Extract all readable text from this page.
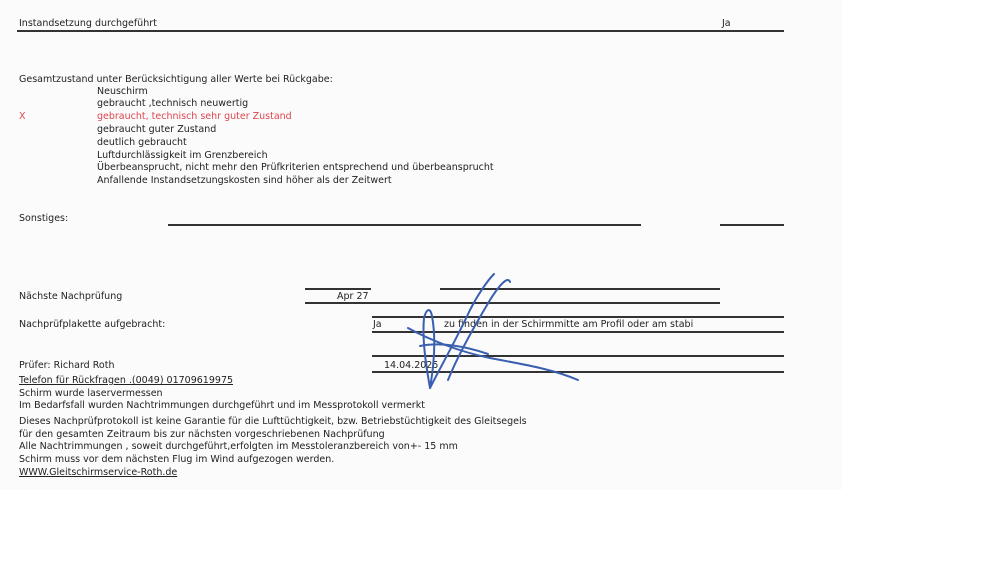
Instandsetzung durchgeführt	Ja
Gesamtzustand unter Berücksichtigung aller Werte bei Rückgabe:
Neuschirm
gebraucht ,technisch neuwertig
X	gebraucht, technisch sehr guter Zustand
gebraucht guter Zustand
deutlich gebraucht
Luftdurchlässigkeit im Grenzbereich
Überbeansprucht, nicht mehr den Prüfkriterien entsprechend und überbeansprucht
Anfallende Instandsetzungskosten sind höher als der Zeitwert
Sonstiges:
Nächste Nachprüfung	Apr 27
Nachprüfplakette aufgebracht:	Ja	zu finden in der Schirmmitte am Profil oder am stabi
Prüfer: Richard Roth	14.04.2025
Telefon für Rückfragen .(0049) 01709619975
Schirm wurde laservermessen
Im Bedarfsfall wurden Nachtrimmungen durchgeführt und im Messprotokoll vermerkt
Dieses Nachprüfprotokoll ist keine Garantie für die Lufttüchtigkeit, bzw. Betriebstüchtigkeit des Gleitsegels
für den gesamten Zeitraum bis zur nächsten vorgeschriebenen Nachprüfung
Alle Nachtrimmungen , soweit durchgeführt,erfolgten im Messtoleranzbereich von+- 15 mm
Schirm muss vor dem nächsten Flug im Wind aufgezogen werden.
WWW.Gleitschirmservice-Roth.de
